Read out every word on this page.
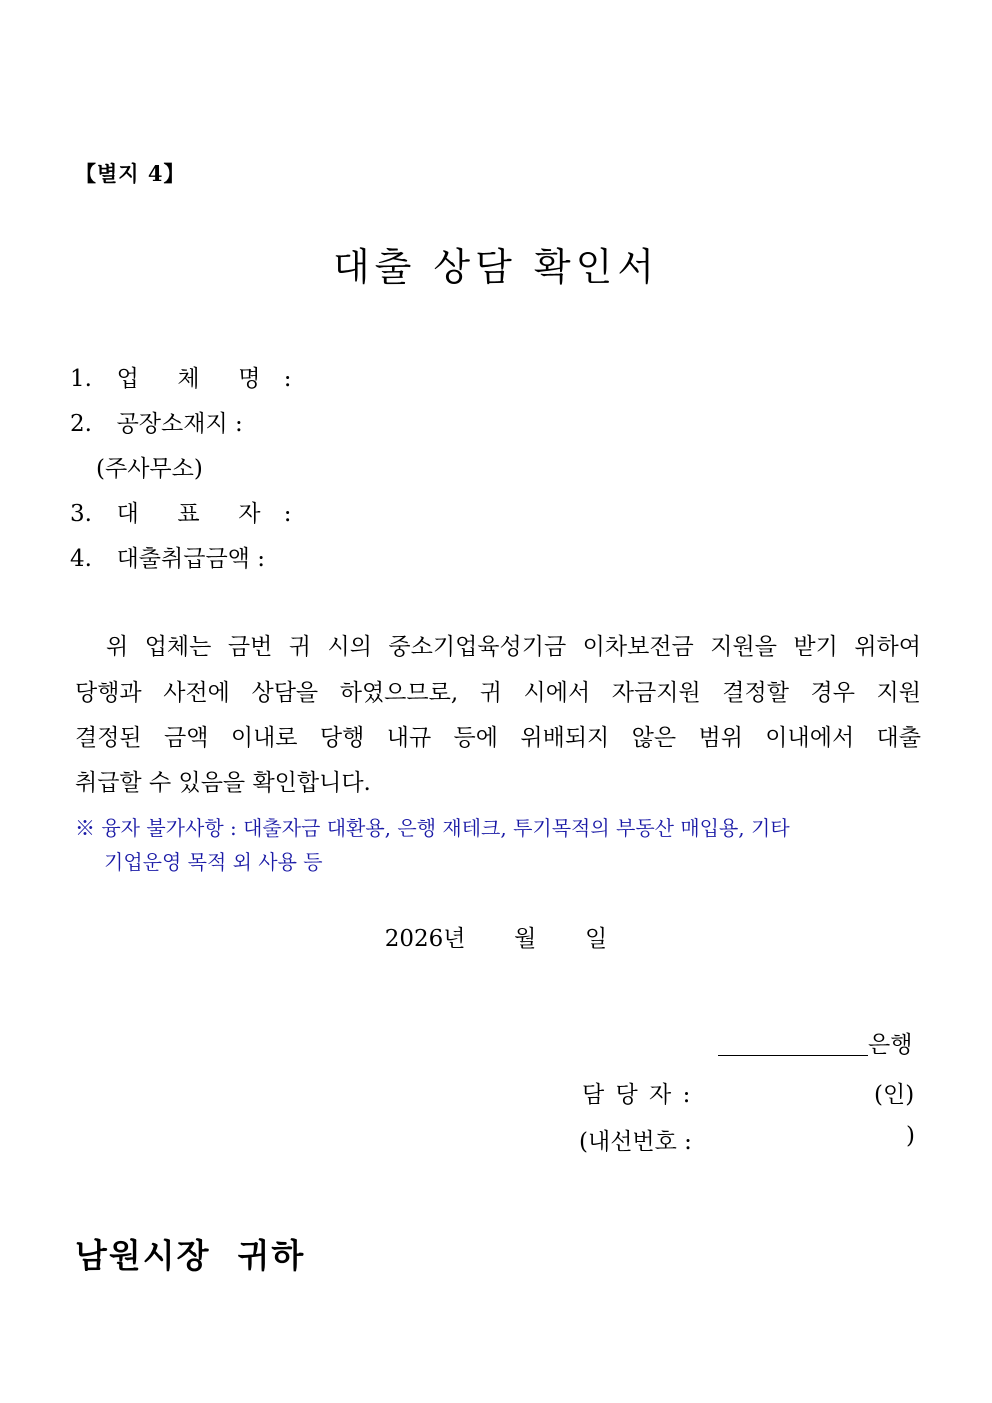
【별지 4】
대출 상담 확인서
1. 업  체  명 :
2. 공장소재지 :
(주사무소)
3. 대  표  자 :
4. 대출취급금액 :
위 업체는 금번 귀 시의 중소기업육성기금 이차보전금 지원을 받기 위하여
당행과 사전에 상담을 하였으므로, 귀 시에서 자금지원 결정할 경우 지원
결정된 금액 이내로 당행 내규 등에 위배되지 않은 범위 이내에서 대출
취급할 수 있음을 확인합니다.
※ 융자 불가사항 : 대출자금 대환용, 은행 재테크, 투기목적의 부동산 매입용, 기타
기업운영 목적 외 사용 등
2026년 월 일
은행
담 당 자 :	(인)
(내선번호 :	)
남원시장  귀하
